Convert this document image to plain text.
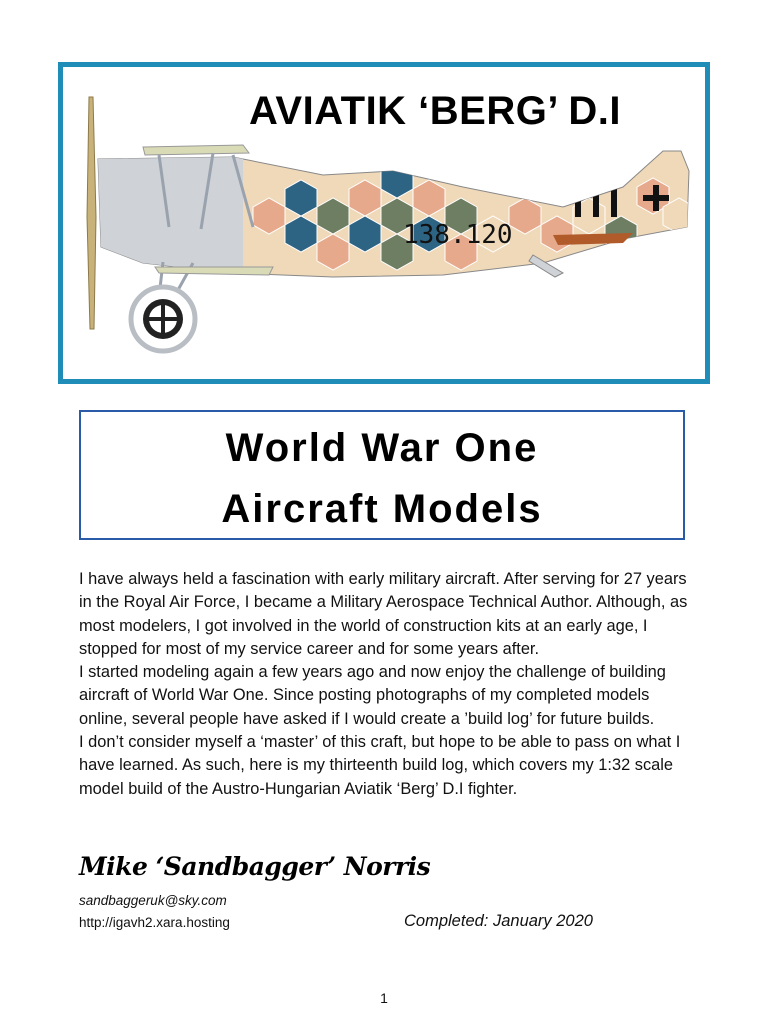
138.120
AVIATIK ‘BERG’ D.I
World War One
Aircraft Models

I have always held a fascination with early military aircraft. After serving for 27 years in the Royal Air Force, I became a Military Aerospace Technical Author. Although, as most modelers, I got involved in the world of construction kits at an early age, I stopped for most of my service career and for some years after.

I started modeling again a few years ago and now enjoy the challenge of building aircraft of World War One. Since posting photographs of my completed models online, several people have asked if I would create a ’build log’ for future builds.

I don’t consider myself a ‘master’ of this craft, but hope to be able to pass on what I have learned. As such, here is my thirteenth build log, which covers my 1:32 scale model build of the Austro-Hungarian Aviatik ‘Berg’ D.I fighter.

Mike ‘Sandbagger’ Norris
sandbaggeruk@sky.com
http://igavh2.xara.hosting	Completed: January 2020
1
